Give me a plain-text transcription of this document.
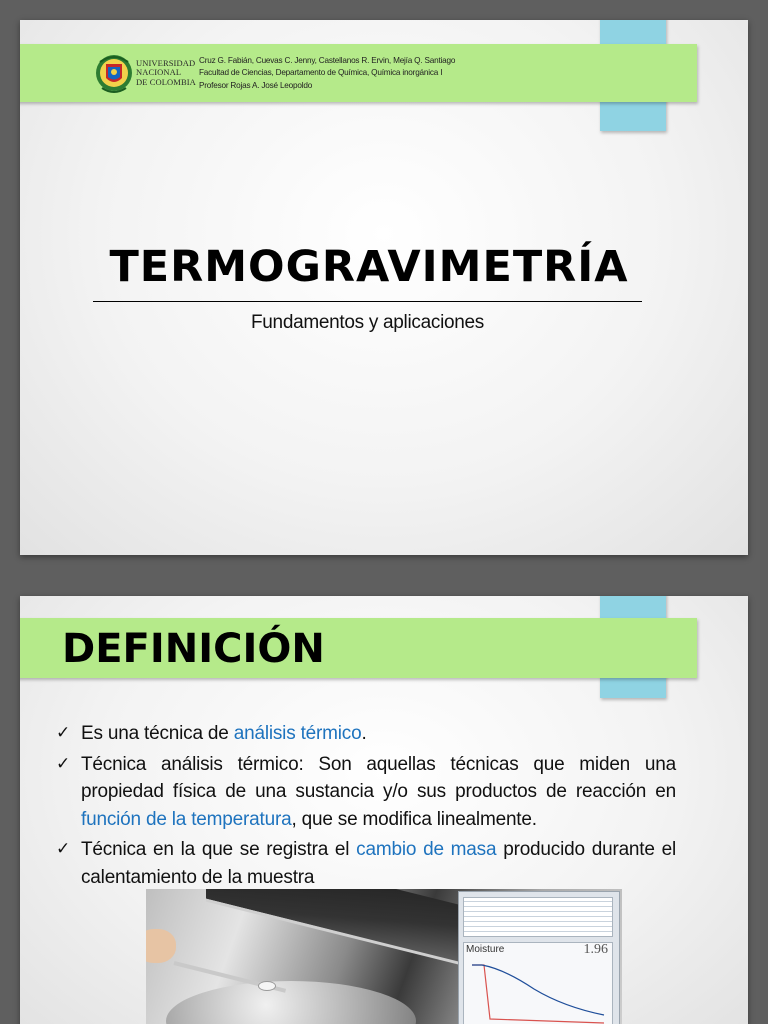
UNIVERSIDAD
NACIONAL
DE COLOMBIA
Cruz G. Fabián, Cuevas C. Jenny, Castellanos R. Ervin, Mejía Q. Santiago
Facultad de Ciencias, Departamento de Química, Química inorgánica I
Profesor Rojas A. José Leopoldo
TERMOGRAVIMETRÍA
Fundamentos y aplicaciones
DEFINICIÓN
✓ Es una técnica de análisis térmico.
✓ Técnica análisis térmico: Son aquellas técnicas que miden una propiedad física de una sustancia y/o sus productos de reacción en función de la temperatura, que se modifica linealmente.
✓ Técnica en la que se registra el cambio de masa producido durante el calentamiento de la muestra
Moisture	1.96
